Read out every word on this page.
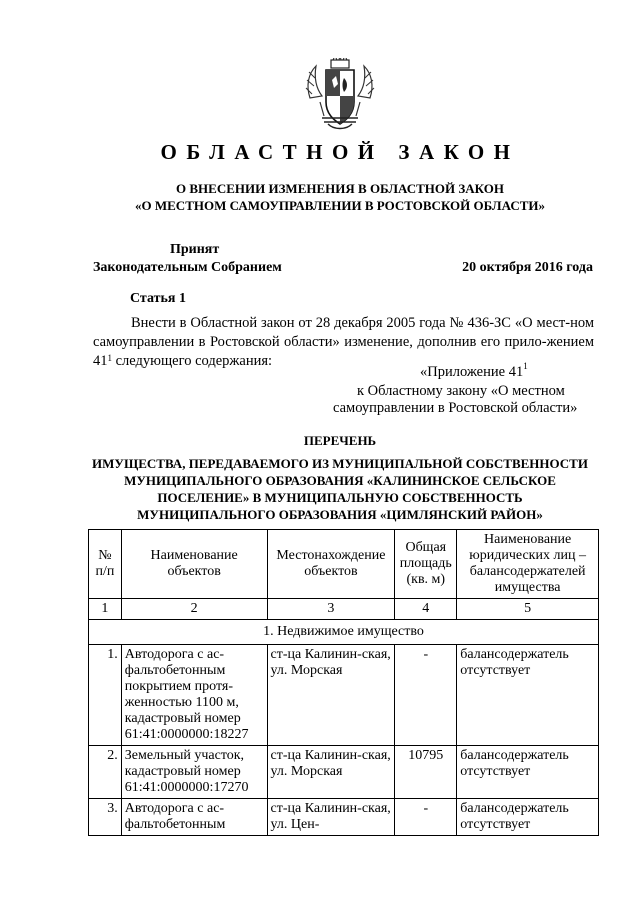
ОБЛАСТНОЙ ЗАКОН
О ВНЕСЕНИИ ИЗМЕНЕНИЯ В ОБЛАСТНОЙ ЗАКОН
«О МЕСТНОМ САМОУПРАВЛЕНИИ В РОСТОВСКОЙ ОБЛАСТИ»
Принят
Законодательным Собранием	20 октября 2016 года
Статья 1
Внести в Областной закон от 28 декабря 2005 года № 436-ЗС «О мест-ном самоуправлении в Ростовской области» изменение, дополнив его прило-жением $41^1$ следующего содержания:
«Приложение $41^1$
к Областному закону «О местном
самоуправлении в Ростовской области»
ПЕРЕЧЕНЬ
ИМУЩЕСТВА, ПЕРЕДАВАЕМОГО ИЗ МУНИЦИПАЛЬНОЙ СОБСТВЕННОСТИ
МУНИЦИПАЛЬНОГО ОБРАЗОВАНИЯ «КАЛИНИНСКОЕ СЕЛЬСКОЕ
ПОСЕЛЕНИЕ» В МУНИЦИПАЛЬНУЮ СОБСТВЕННОСТЬ
МУНИЦИПАЛЬНОГО ОБРАЗОВАНИЯ «ЦИМЛЯНСКИЙ РАЙОН»
№ п/п	Наименование объектов	Местонахождение объектов	Общая площадь (кв. м)	Наименование юридических лиц – балансодержателей имущества
1	2	3	4	5
1. Недвижимое имущество				
1.	Автодорога с ас-фальтобетонным покрытием протя-женностью 1100 м, кадастровый номер 61:41:0000000:18227	ст-ца Калинин-ская, ул. Морская	-	балансодержатель отсутствует
2.	Земельный участок, кадастровый номер 61:41:0000000:17270	ст-ца Калинин-ская, ул. Морская	10795	балансодержатель отсутствует
3.	Автодорога с ас-фальтобетонным	ст-ца Калинин-ская, ул. Цен-	-	балансодержатель отсутствует
